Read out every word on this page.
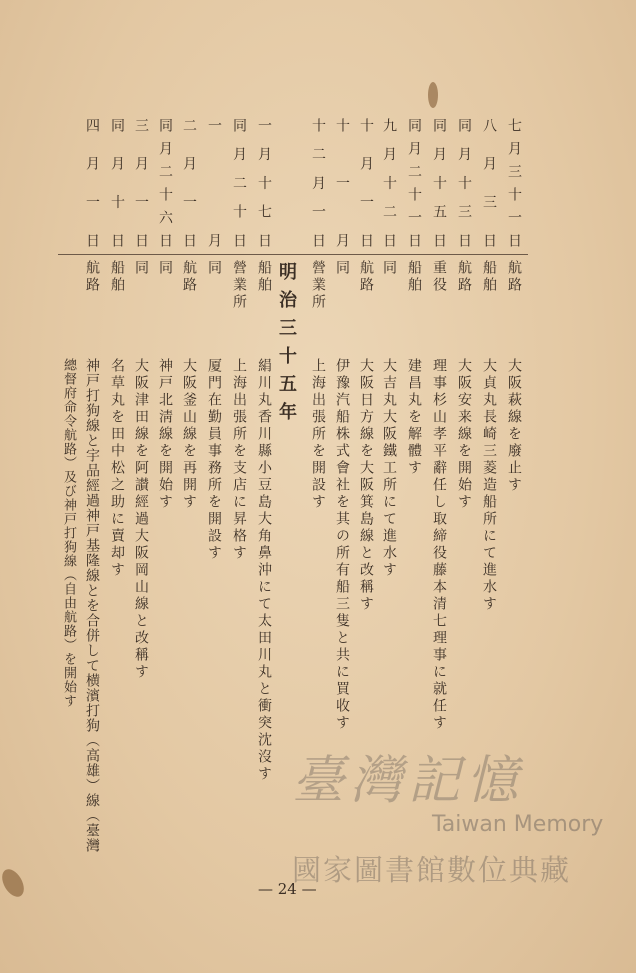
七月三十一日
航路
大阪萩線を廢止す
八月三日
船舶
大貞丸長崎三菱造船所にて進水す
同月十三日
航路
大阪安来線を開始す
同月十五日
重役
理事杉山孝平辭任し取締役藤本清七理事に就任す
同月二十一日
船舶
建昌丸を解體す
九月十二日
同
大吉丸大阪鐵工所にて進水す
十月一日
航路
大阪日方線を大阪箕島線と改稱す
十一月
同
伊豫汽船株式會社を其の所有船三隻と共に買收す
十二月一日
營業所
上海出張所を開設す
明治三十五年
一月十七日
船舶
絹川丸香川縣小豆島大角鼻沖にて太田川丸と衝突沈沒す
同月二十日
營業所
上海出張所を支店に昇格す
一月
同
厦門在勤員事務所を開設す
二月一日
航路
大阪釜山線を再開す
同月二十六日
同
神戸北淸線を開始す
三月一日
同
大阪津田線を阿讃經過大阪岡山線と改稱す
同月十日
船舶
名草丸を田中松之助に賣却す
四月一日
航路
神戸打狗線と宇品經過神戸基隆線とを合併して横濱打狗（高雄）線（臺灣
總督府命令航路）及び神戸打狗線（自由航路）を開始す
臺灣記憶
Taiwan Memory
國家圖書館數位典藏
— 24 —
